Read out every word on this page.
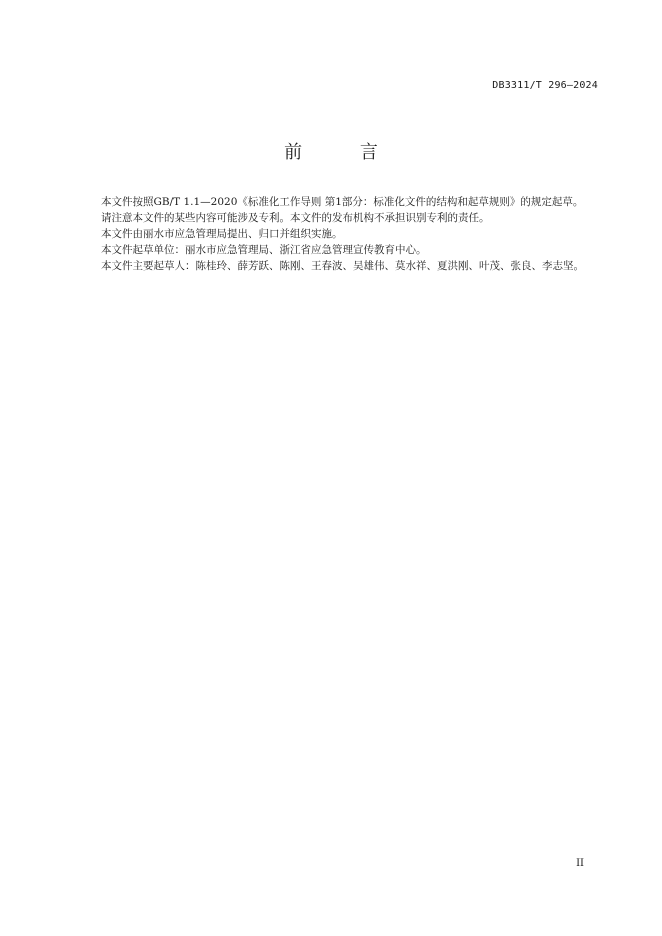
DB3311/T 296—2024
前 言

本文件按照GB/T 1.1—2020《标准化工作导则 第1部分：标准化文件的结构和起草规则》的规定起草。

请注意本文件的某些内容可能涉及专利。本文件的发布机构不承担识别专利的责任。

本文件由丽水市应急管理局提出、归口并组织实施。

本文件起草单位：丽水市应急管理局、浙江省应急管理宣传教育中心。

本文件主要起草人：陈桂玲、薛芳跃、陈刚、王春波、吴雄伟、莫水祥、夏洪刚、叶茂、张良、李志坚。

II
